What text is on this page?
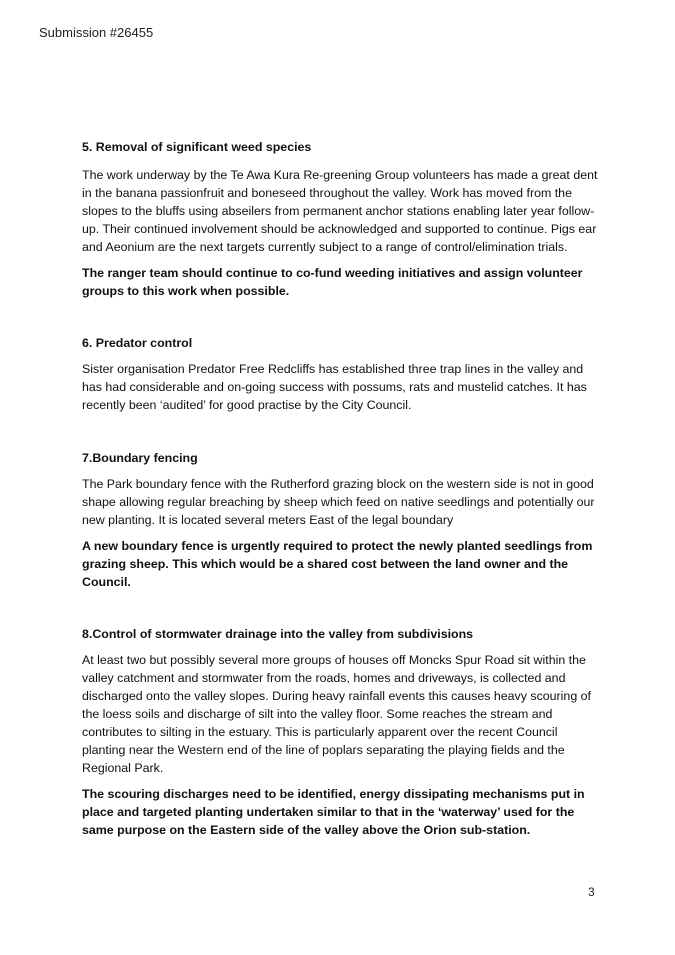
Submission #26455

5. Removal of significant weed species

The work underway by the Te Awa Kura Re-greening Group volunteers has made a great dent in the banana passionfruit and boneseed throughout the valley. Work has moved from the slopes to the bluffs using abseilers from permanent anchor stations enabling later year follow-up. Their continued involvement should be acknowledged and supported to continue. Pigs ear and Aeonium are the next targets currently subject to a range of control/elimination trials.

The ranger team should continue to co-fund weeding initiatives and assign volunteer groups to this work when possible.

6. Predator control

Sister organisation Predator Free Redcliffs has established three trap lines in the valley and has had considerable and on-going success with possums, rats and mustelid catches. It has recently been ‘audited’ for good practise by the City Council.

7.Boundary fencing

The Park boundary fence with the Rutherford grazing block on the western side is not in good shape allowing regular breaching by sheep which feed on native seedlings and potentially our new planting. It is located several meters East of the legal boundary

A new boundary fence is urgently required to protect the newly planted seedlings from grazing sheep. This which would be a shared cost between the land owner and the Council.

8.Control of stormwater drainage into the valley from subdivisions

At least two but possibly several more groups of houses off Moncks Spur Road sit within the valley catchment and stormwater from the roads, homes and driveways, is collected and discharged onto the valley slopes. During heavy rainfall events this causes heavy scouring of the loess soils and discharge of silt into the valley floor. Some reaches the stream and contributes to silting in the estuary. This is particularly apparent over the recent Council planting near the Western end of the line of poplars separating the playing fields and the Regional Park.

The scouring discharges need to be identified, energy dissipating mechanisms put in place and targeted planting undertaken similar to that in the ‘waterway’ used for the same purpose on the Eastern side of the valley above the Orion sub-station.

3
